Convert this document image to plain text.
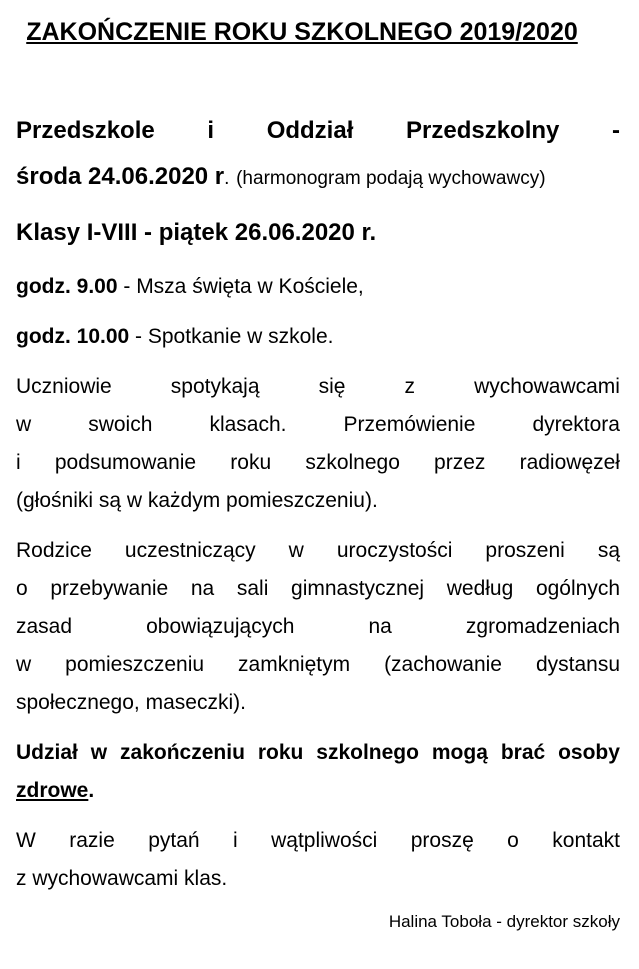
ZAKOŃCZENIE ROKU SZKOLNEGO 2019/2020
Przedszkole i Oddział Przedszkolny -
środa 24.06.2020 r. (harmonogram podają wychowawcy)
Klasy I-VIII - piątek 26.06.2020 r.
godz. 9.00 - Msza święta w Kościele,
godz. 10.00 - Spotkanie w szkole.
Uczniowie	spotykają	się	z	wychowawcami
w	swoich	klasach.	Przemówienie	dyrektora
i podsumowanie roku szkolnego przez radiowęzeł
(głośniki są w każdym pomieszczeniu).
Rodzice uczestniczący w uroczystości proszeni są
o przebywanie na sali gimnastycznej według ogólnych
zasad	obowiązujących	na	zgromadzeniach
w pomieszczeniu zamkniętym (zachowanie dystansu
społecznego, maseczki).
Udział w zakończeniu roku szkolnego mogą brać osoby
zdrowe.
W razie pytań i wątpliwości proszę o kontakt
z wychowawcami klas.
Halina Toboła - dyrektor szkoły
